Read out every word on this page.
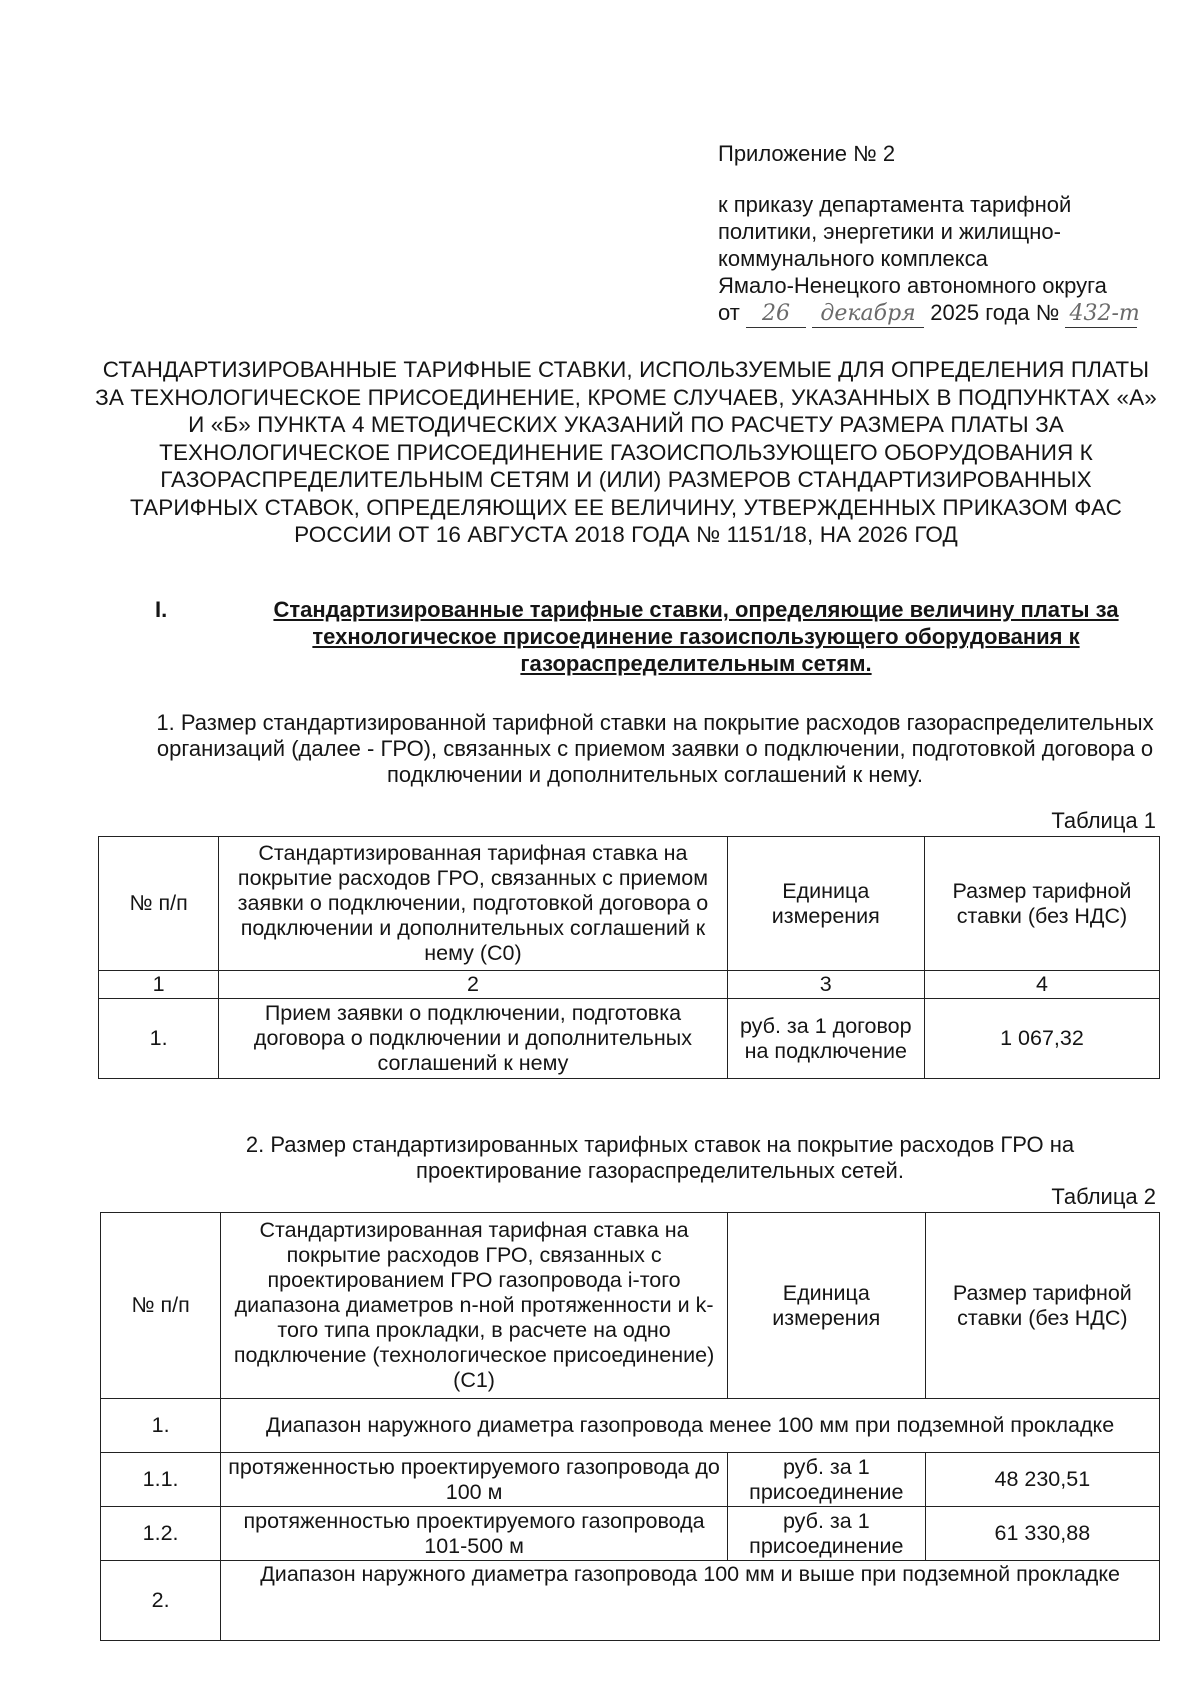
Приложение № 2
к приказу департамента тарифной
политики, энергетики и жилищно-
коммунального комплекса
Ямало-Ненецкого автономного округа
от 26 декабря 2025 года № 432-т
СТАНДАРТИЗИРОВАННЫЕ ТАРИФНЫЕ СТАВКИ, ИСПОЛЬЗУЕМЫЕ ДЛЯ ОПРЕДЕЛЕНИЯ ПЛАТЫ ЗА ТЕХНОЛОГИЧЕСКОЕ ПРИСОЕДИНЕНИЕ, КРОМЕ СЛУЧАЕВ, УКАЗАННЫХ В ПОДПУНКТАХ «А» И «Б» ПУНКТА 4 МЕТОДИЧЕСКИХ УКАЗАНИЙ ПО РАСЧЕТУ РАЗМЕРА ПЛАТЫ ЗА ТЕХНОЛОГИЧЕСКОЕ ПРИСОЕДИНЕНИЕ ГАЗОИСПОЛЬЗУЮЩЕГО ОБОРУДОВАНИЯ К ГАЗОРАСПРЕДЕЛИТЕЛЬНЫМ СЕТЯМ И (ИЛИ) РАЗМЕРОВ СТАНДАРТИЗИРОВАННЫХ ТАРИФНЫХ СТАВОК, ОПРЕДЕЛЯЮЩИХ ЕЕ ВЕЛИЧИНУ, УТВЕРЖДЕННЫХ ПРИКАЗОМ ФАС РОССИИ ОТ 16 АВГУСТА 2018 ГОДА № 1151/18, НА 2026 ГОД
I.	Стандартизированные тарифные ставки, определяющие величину платы за технологическое присоединение газоиспользующего оборудования к газораспределительным сетям.
1. Размер стандартизированной тарифной ставки на покрытие расходов газораспределительных организаций (далее - ГРО), связанных с приемом заявки о подключении, подготовкой договора о подключении и дополнительных соглашений к нему.
Таблица 1
№ п/п	Стандартизированная тарифная ставка на покрытие расходов ГРО, связанных с приемом заявки о подключении, подготовкой договора о подключении и дополнительных соглашений к нему (С0)	Единица измерения	Размер тарифной ставки (без НДС)
1	2	3	4
1.	Прием заявки о подключении, подготовка договора о подключении и дополнительных соглашений к нему	руб. за 1 договор на подключение	1 067,32
2. Размер стандартизированных тарифных ставок на покрытие расходов ГРО на проектирование газораспределительных сетей.
Таблица 2
№ п/п	Стандартизированная тарифная ставка на покрытие расходов ГРО, связанных с проектированием ГРО газопровода i-того диапазона диаметров n-ной протяженности и k-того типа прокладки, в расчете на одно подключение (технологическое присоединение) (С1)	Единица измерения	Размер тарифной ставки (без НДС)
1.	Диапазон наружного диаметра газопровода менее 100 мм при подземной прокладке		
1.1.	протяженностью проектируемого газопровода до 100 м	руб. за 1 присоединение	48 230,51
1.2.	протяженностью проектируемого газопровода 101-500 м	руб. за 1 присоединение	61 330,88
2.	Диапазон наружного диаметра газопровода 100 мм и выше при подземной прокладке		
